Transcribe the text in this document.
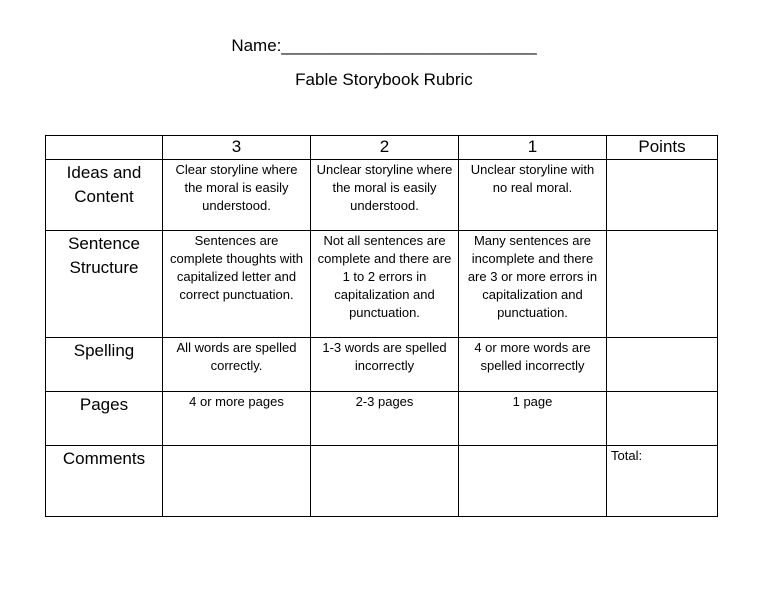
Name:___________________________
Fable Storybook Rubric
	3	2	1	Points
Ideas and Content	Clear storyline where the moral is easily understood.	Unclear storyline where the moral is easily understood.	Unclear storyline with no real moral.	
Sentence Structure	Sentences are complete thoughts with capitalized letter and correct punctuation.	Not all sentences are complete and there are 1 to 2 errors in capitalization and punctuation.	Many sentences are incomplete and there are 3 or more errors in capitalization and punctuation.	
Spelling	All words are spelled correctly.	1-3 words are spelled incorrectly	4 or more words are spelled incorrectly	
Pages	4 or more pages	2-3 pages	1 page	
Comments				Total:
